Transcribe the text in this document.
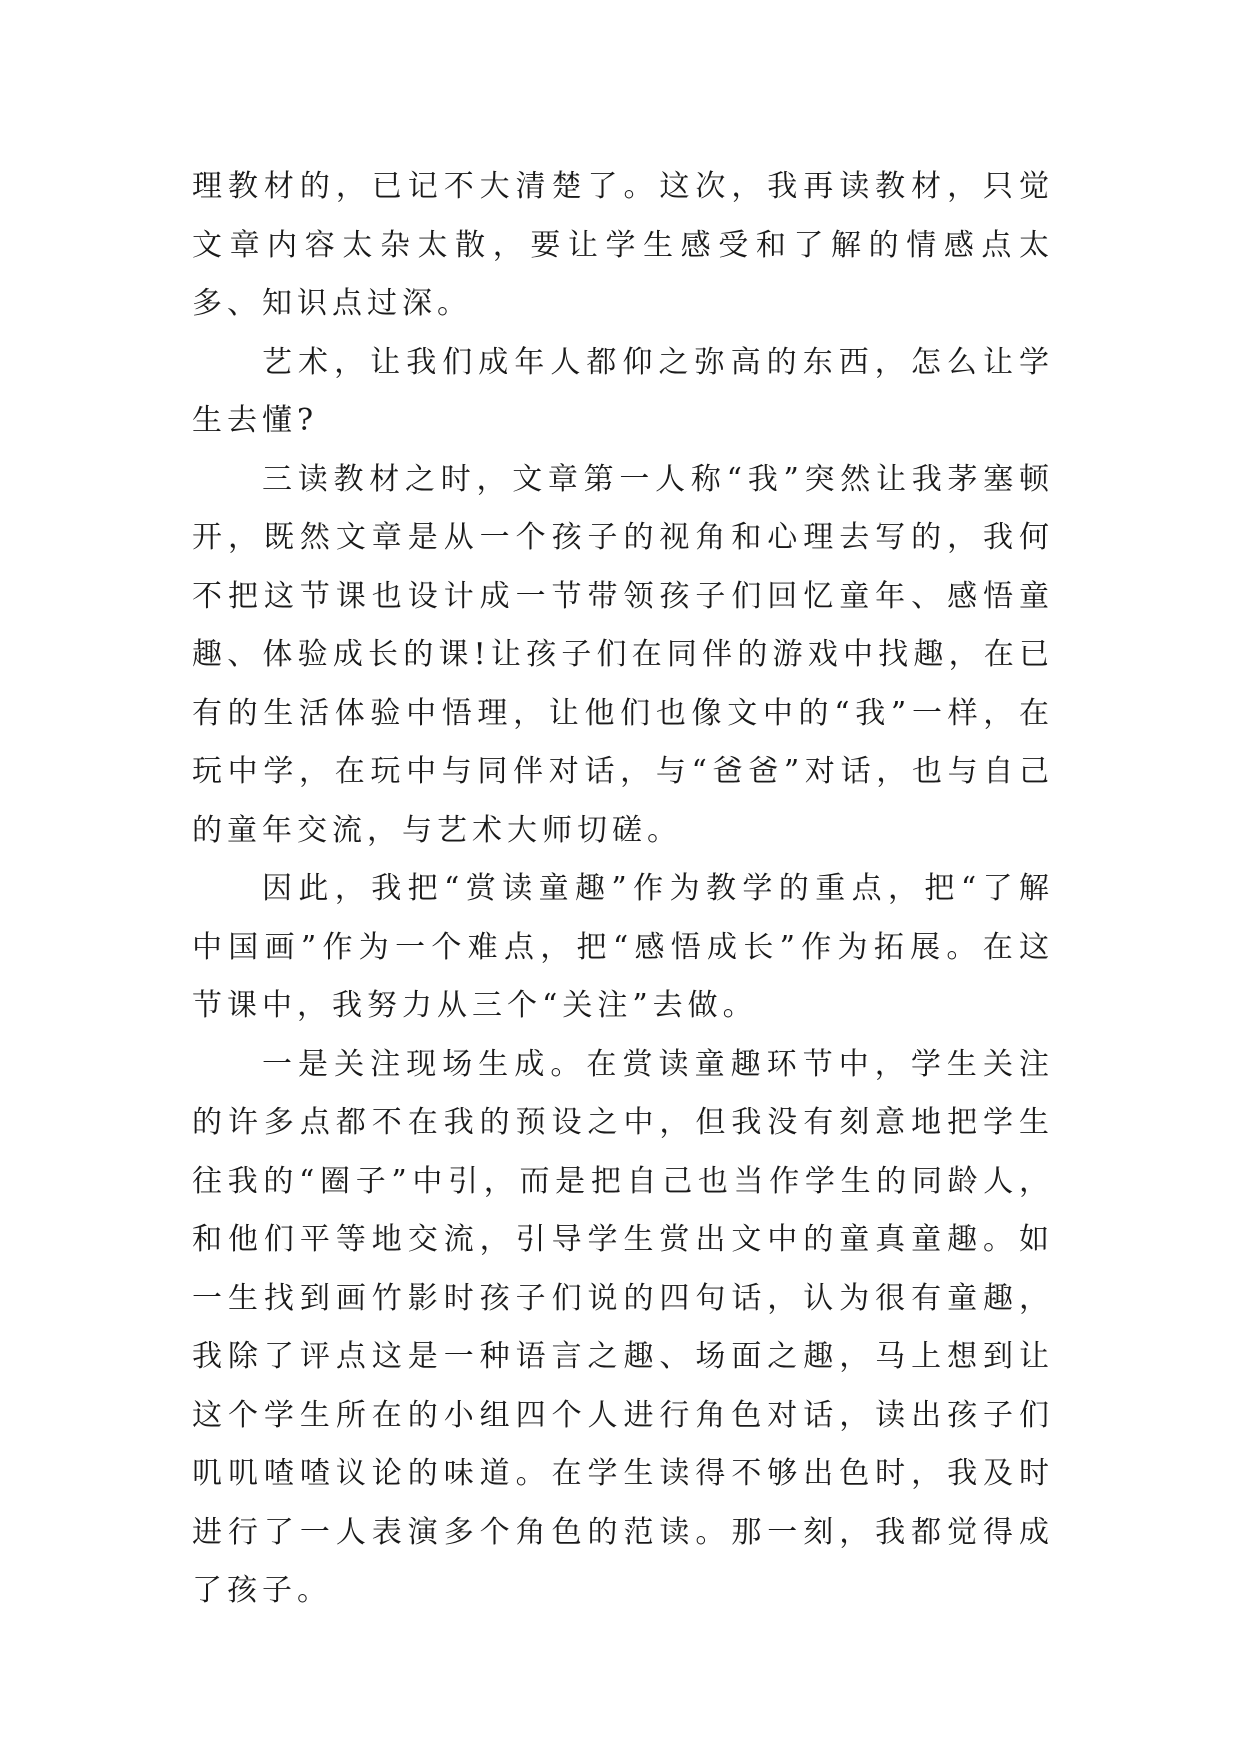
理教材的，已记不大清楚了。这次，我再读教材，只觉文章内容太杂太散，要让学生感受和了解的情感点太多、知识点过深。

艺术，让我们成年人都仰之弥高的东西，怎么让学生去懂?

三读教材之时，文章第一人称“我”突然让我茅塞顿开，既然文章是从一个孩子的视角和心理去写的，我何不把这节课也设计成一节带领孩子们回忆童年、感悟童趣、体验成长的课!让孩子们在同伴的游戏中找趣，在已有的生活体验中悟理，让他们也像文中的“我”一样，在玩中学，在玩中与同伴对话，与“爸爸”对话，也与自己的童年交流，与艺术大师切磋。

因此，我把“赏读童趣”作为教学的重点，把“了解中国画”作为一个难点，把“感悟成长”作为拓展。在这节课中，我努力从三个“关注”去做。

一是关注现场生成。在赏读童趣环节中，学生关注的许多点都不在我的预设之中，但我没有刻意地把学生往我的“圈子”中引，而是把自己也当作学生的同龄人，和他们平等地交流，引导学生赏出文中的童真童趣。如一生找到画竹影时孩子们说的四句话，认为很有童趣，我除了评点这是一种语言之趣、场面之趣，马上想到让这个学生所在的小组四个人进行角色对话，读出孩子们叽叽喳喳议论的味道。在学生读得不够出色时，我及时进行了一人表演多个角色的范读。那一刻，我都觉得成了孩子。
